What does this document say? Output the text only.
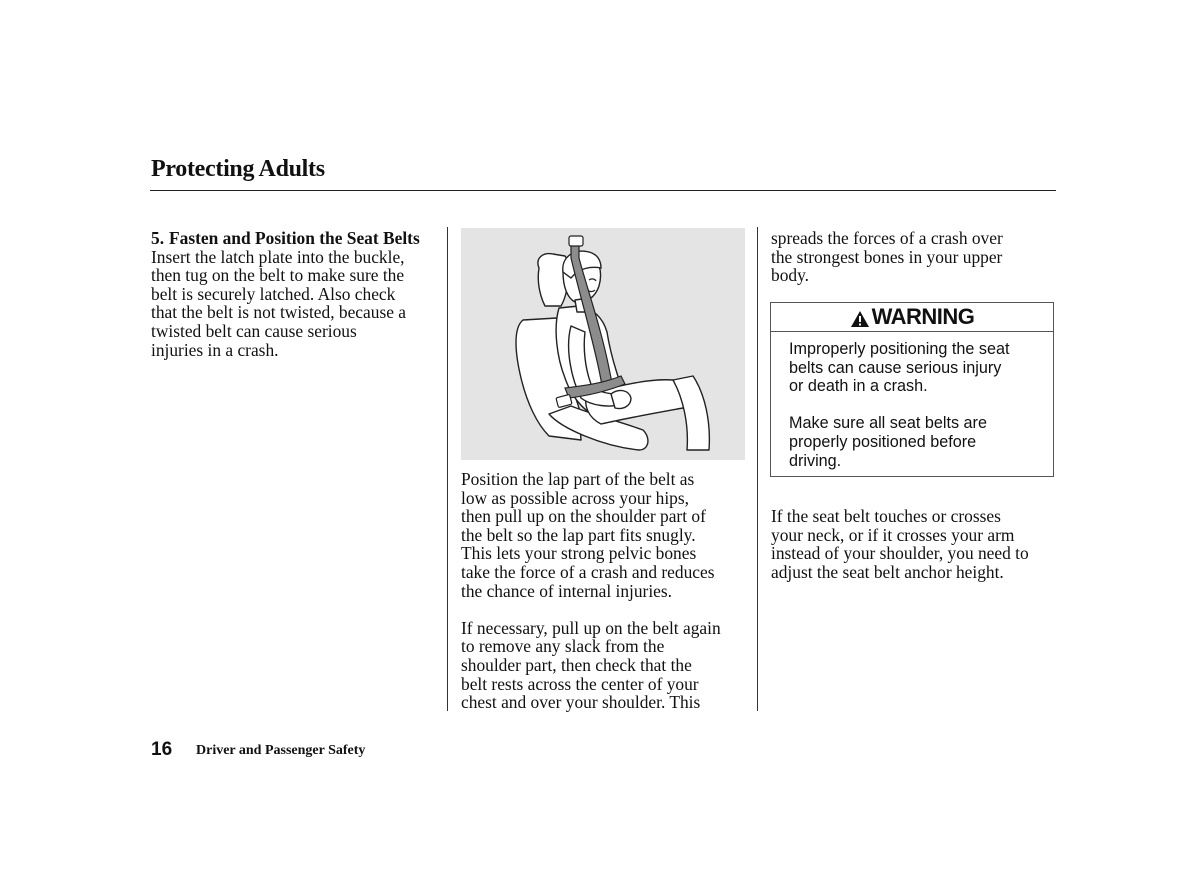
Protecting Adults
5. Fasten and Position the Seat Belts

Insert the latch plate into the buckle,
then tug on the belt to make sure the
belt is securely latched. Also check
that the belt is not twisted, because a
twisted belt can cause serious
injuries in a crash.

Position the lap part of the belt as
low as possible across your hips,
then pull up on the shoulder part of
the belt so the lap part fits snugly.
This lets your strong pelvic bones
take the force of a crash and reduces
the chance of internal injuries.

If necessary, pull up on the belt again
to remove any slack from the
shoulder part, then check that the
belt rests across the center of your
chest and over your shoulder. This

spreads the forces of a crash over
the strongest bones in your upper
body.

WARNING

Improperly positioning the seat
belts can cause serious injury
or death in a crash.

Make sure all seat belts are
properly positioned before
driving.

If the seat belt touches or crosses
your neck, or if it crosses your arm
instead of your shoulder, you need to
adjust the seat belt anchor height.

16 Driver and Passenger Safety
